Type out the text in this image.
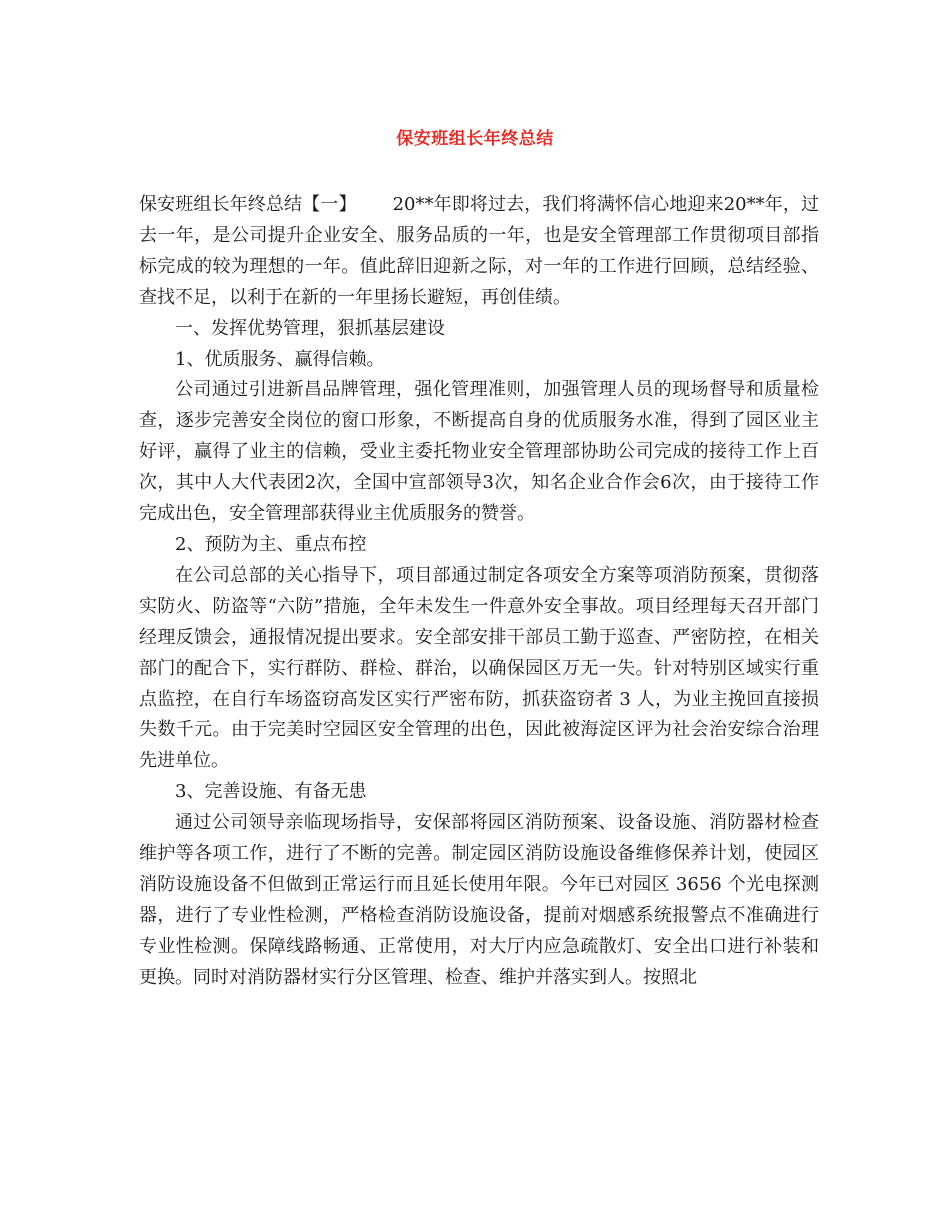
保安班组长年终总结

保安班组长年终总结【一】 20**年即将过去，我们将满怀信心地迎来20**年，过去一年，是公司提升企业安全、服务品质的一年，也是安全管理部工作贯彻项目部指标完成的较为理想的一年。值此辞旧迎新之际，对一年的工作进行回顾，总结经验、查找不足，以利于在新的一年里扬长避短，再创佳绩。

一、发挥优势管理，狠抓基层建设

1、优质服务、赢得信赖。

公司通过引进新昌品牌管理，强化管理准则，加强管理人员的现场督导和质量检查，逐步完善安全岗位的窗口形象，不断提高自身的优质服务水准，得到了园区业主好评，赢得了业主的信赖，受业主委托物业安全管理部协助公司完成的接待工作上百次，其中人大代表团2次，全国中宣部领导3次，知名企业合作会6次，由于接待工作完成出色，安全管理部获得业主优质服务的赞誉。

2、预防为主、重点布控

在公司总部的关心指导下，项目部通过制定各项安全方案等项消防预案，贯彻落实防火、防盗等“六防”措施，全年未发生一件意外安全事故。项目经理每天召开部门经理反馈会，通报情况提出要求。安全部安排干部员工勤于巡查、严密防控，在相关部门的配合下，实行群防、群检、群治，以确保园区万无一失。针对特别区域实行重点监控，在自行车场盗窃高发区实行严密布防，抓获盗窃者 3 人，为业主挽回直接损失数千元。由于完美时空园区安全管理的出色，因此被海淀区评为社会治安综合治理先进单位。

3、完善设施、有备无患

通过公司领导亲临现场指导，安保部将园区消防预案、设备设施、消防器材检查维护等各项工作，进行了不断的完善。制定园区消防设施设备维修保养计划，使园区消防设施设备不但做到正常运行而且延长使用年限。今年已对园区 3656 个光电探测器，进行了专业性检测，严格检查消防设施设备，提前对烟感系统报警点不准确进行专业性检测。保障线路畅通、正常使用，对大厅内应急疏散灯、安全出口进行补装和更换。同时对消防器材实行分区管理、检查、维护并落实到人。按照北
